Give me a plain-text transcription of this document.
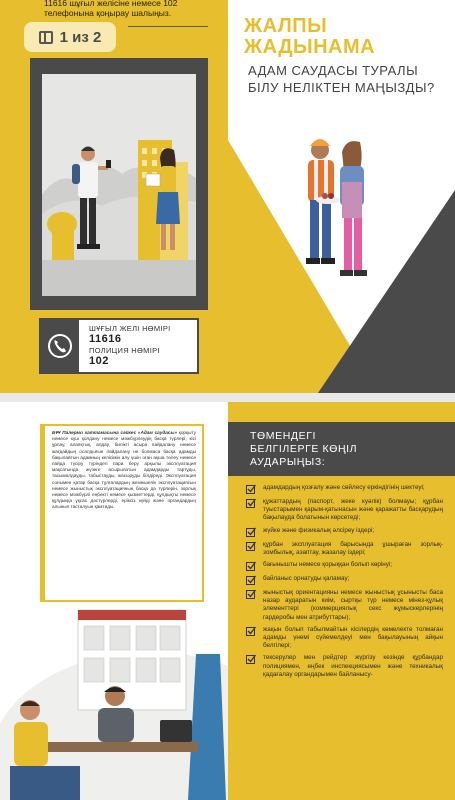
11616 шұғыл желісіне немесе 102 телефонына қоңырау шалыңыз.
1 из 2
ШҰҒЫЛ ЖЕЛІ НӨМІРІ
11616
ПОЛИЦИЯ НӨМІРІ
102
ЖАЛПЫ
ЖАДЫНАМА
АДАМ САУДАСЫ ТУРАЛЫ
БІЛУ НЕЛІКТЕН МАҢЫЗДЫ?
БҰҰ Палермо хаттамасына сәйкес «Адам саудасы» қорқыту немесе күш қолдану немесе мәжбүрлеудің басқа түрлері, кісі ұрлау, алаяқтық, алдау, билікті асыра пайдалану немесе жағдайдың осалдығын пайдалану не болмаса басқа адамды бақылайтын адамның келісімін алу үшін оған ақша төлеу немесе пайда түсіру түріндегі пара беру арқылы эксплуатация мақсатында жүзеге асырылатын адамдарды тартуды, тасымалдауды, табыстауды, жасыруды білдіреді. Эксплуатация сонымен қатар басқа тұлғалардың жезөкшелік эксплуатациясын немесе жыныстық эксплуатацияның басқа да түрлерін, зорлық немесе мәжбүрлі еңбекті немесе қызметтерді, құлдықты немесе құлдыққа ұқсас дәстүрлерді, еріксіз күйді және органдардың алынып тасталуын қамтиды.
ТӨМЕНДЕГІ
БЕЛГІЛЕРГЕ КӨҢІЛ
АУДАРЫҢЫЗ:
адамдардың қозғалу және сөйлесу еркіндігінің шектеуі;
құжаттардың (паспорт, жеке куәлік) болмауы; құрбан туыстарымен қарым-қатынасын және қаражатты басқарудың бақылауда болатынын көрсетеді;
жүйке және физикалық әлсіреу іздері;
құрбан эксплуатация барысында ұшыраған зорлық-зомбылық, азаптау, жазалау іздері;
бағынышты немесе қорыққан болып көрінуі;
байланыс орнатуды қаламау;
жыныстық ориентацияны немесе жыныстық ұсынысты баса назар аударатын киім, сыртқы түр немесе мінез-құлық элементтері (коммерциялық секс жұмыскерлерінің гардеробы мен атрибуттары);
жақын болып табылмайтын кісілердің көмелекте толмаған адамды үнемі сүйемелдеуі мен бақылауының айқын белгілері;
тексерулер мен рейдтер жүргізу кезінде құрбандар полициямен, еңбек инспекциясымен және техникалық қадағалау органдарымен байланысу-
